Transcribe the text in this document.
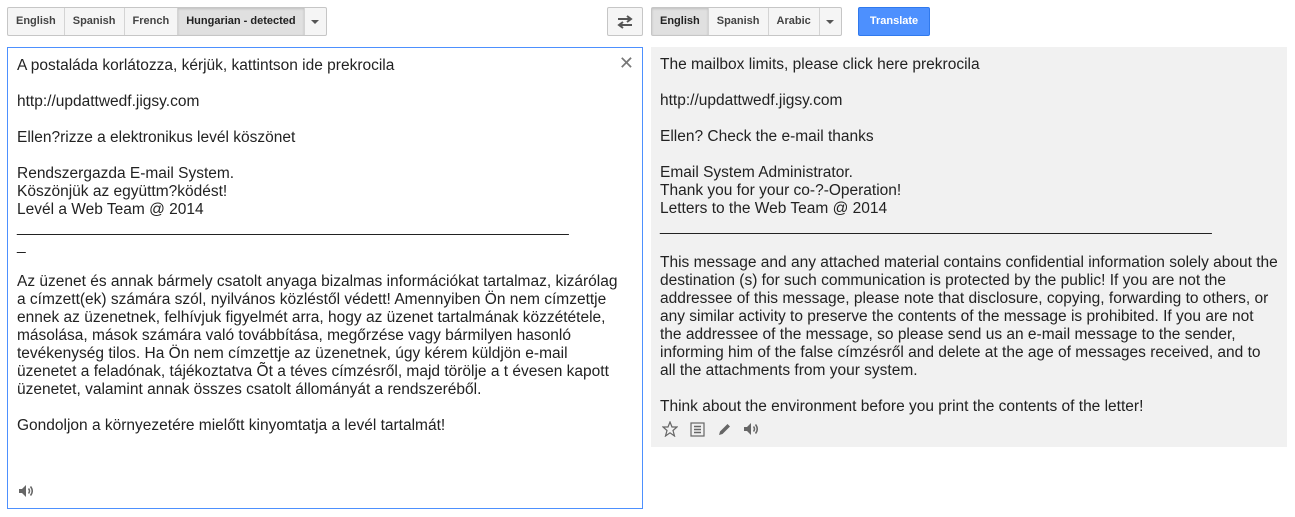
English	Spanish	French	Hungarian - detected	English	Spanish	Arabic	Translate
A postaláda korlátozza, kérjük, kattintson ide prekrocila

http://updattwedf.jigsy.com

Ellen?rizze a elektronikus levél köszönet

Rendszergazda E-mail System.
Köszönjük az együttm?ködést!
Levél a Web Team @ 2014
________________________________________________________________
_

Az üzenet és annak bármely csatolt anyaga bizalmas információkat tartalmaz, kizárólag a címzett(ek) számára szól, nyilvános közléstől védett! Amennyiben Ön nem címzettje ennek az üzenetnek, felhívjuk figyelmét arra, hogy az üzenet tartalmának közzététele, másolása, mások számára való továbbítása, megőrzése vagy bármilyen hasonló tevékenység tilos. Ha Ön nem címzettje az üzenetnek, úgy kérem küldjön e-mail üzenetet a feladónak, tájékoztatva Õt a téves címzésről, majd törölje a t évesen kapott üzenetet, valamint annak összes csatolt állományát a rendszeréből.

Gondoljon a környezetére mielőtt kinyomtatja a levél tartalmát!
✕ The mailbox limits, please click here prekrocila

http://updattwedf.jigsy.com

Ellen? Check the e-mail thanks

Email System Administrator.
Thank you for your co-?-Operation!
Letters to the Web Team @ 2014
________________________________________________________________

This message and any attached material contains confidential information solely about the destination (s) for such communication is protected by the public! If you are not the addressee of this message, please note that disclosure, copying, forwarding to others, or any similar activity to preserve the contents of the message is prohibited. If you are not the addressee of the message, so please send us an e-mail message to the sender, informing him of the false címzésről and delete at the age of messages received, and to all the attachments from your system.

Think about the environment before you print the contents of the letter!
